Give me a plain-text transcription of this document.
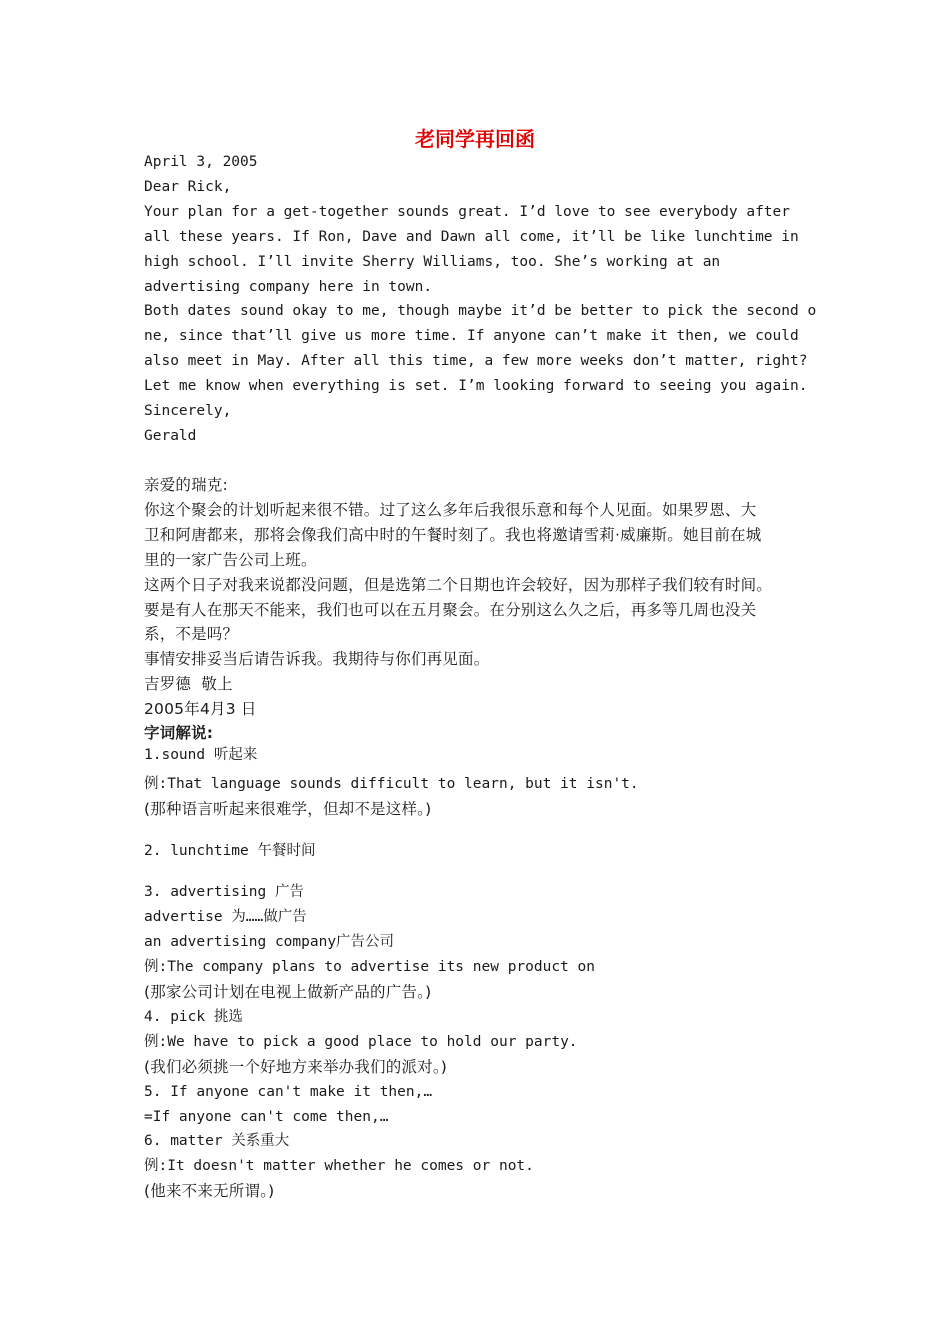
老同学再回函
April 3, 2005
Dear Rick,
Your plan for a get-together sounds great. I’d love to see everybody after
all these years. If Ron, Dave and Dawn all come, it’ll be like lunchtime in
high school. I’ll invite Sherry Williams, too. She’s working at an
advertising company here in town.
Both dates sound okay to me, though maybe it’d be better to pick the second o
ne, since that’ll give us more time. If anyone can’t make it then, we could
also meet in May. After all this time, a few more weeks don’t matter, right?
Let me know when everything is set. I’m looking forward to seeing you again.
Sincerely,
Gerald
亲爱的瑞克:
你这个聚会的计划听起来很不错。过了这么多年后我很乐意和每个人见面。如果罗恩、大
卫和阿唐都来，那将会像我们高中时的午餐时刻了。我也将邀请雪莉·威廉斯。她目前在城
里的一家广告公司上班。
这两个日子对我来说都没问题，但是选第二个日期也许会较好，因为那样子我们较有时间。
要是有人在那天不能来，我们也可以在五月聚会。在分别这么久之后，再多等几周也没关
系，不是吗？
事情安排妥当后请告诉我。我期待与你们再见面。
吉罗德  敬上
2005年4月3 日
字词解说:
1.sound 听起来
例:That language sounds difficult to learn, but it isn't.
(那种语言听起来很难学，但却不是这样。)
2. lunchtime 午餐时间
3. advertising 广告
advertise 为……做广告
an advertising company广告公司
例:The company plans to advertise its new product on
(那家公司计划在电视上做新产品的广告。)
4. pick 挑选
例:We have to pick a good place to hold our party.
(我们必须挑一个好地方来举办我们的派对。)
5. If anyone can't make it then,…
=If anyone can't come then,…
6. matter 关系重大
例:It doesn't matter whether he comes or not.
(他来不来无所谓。)
